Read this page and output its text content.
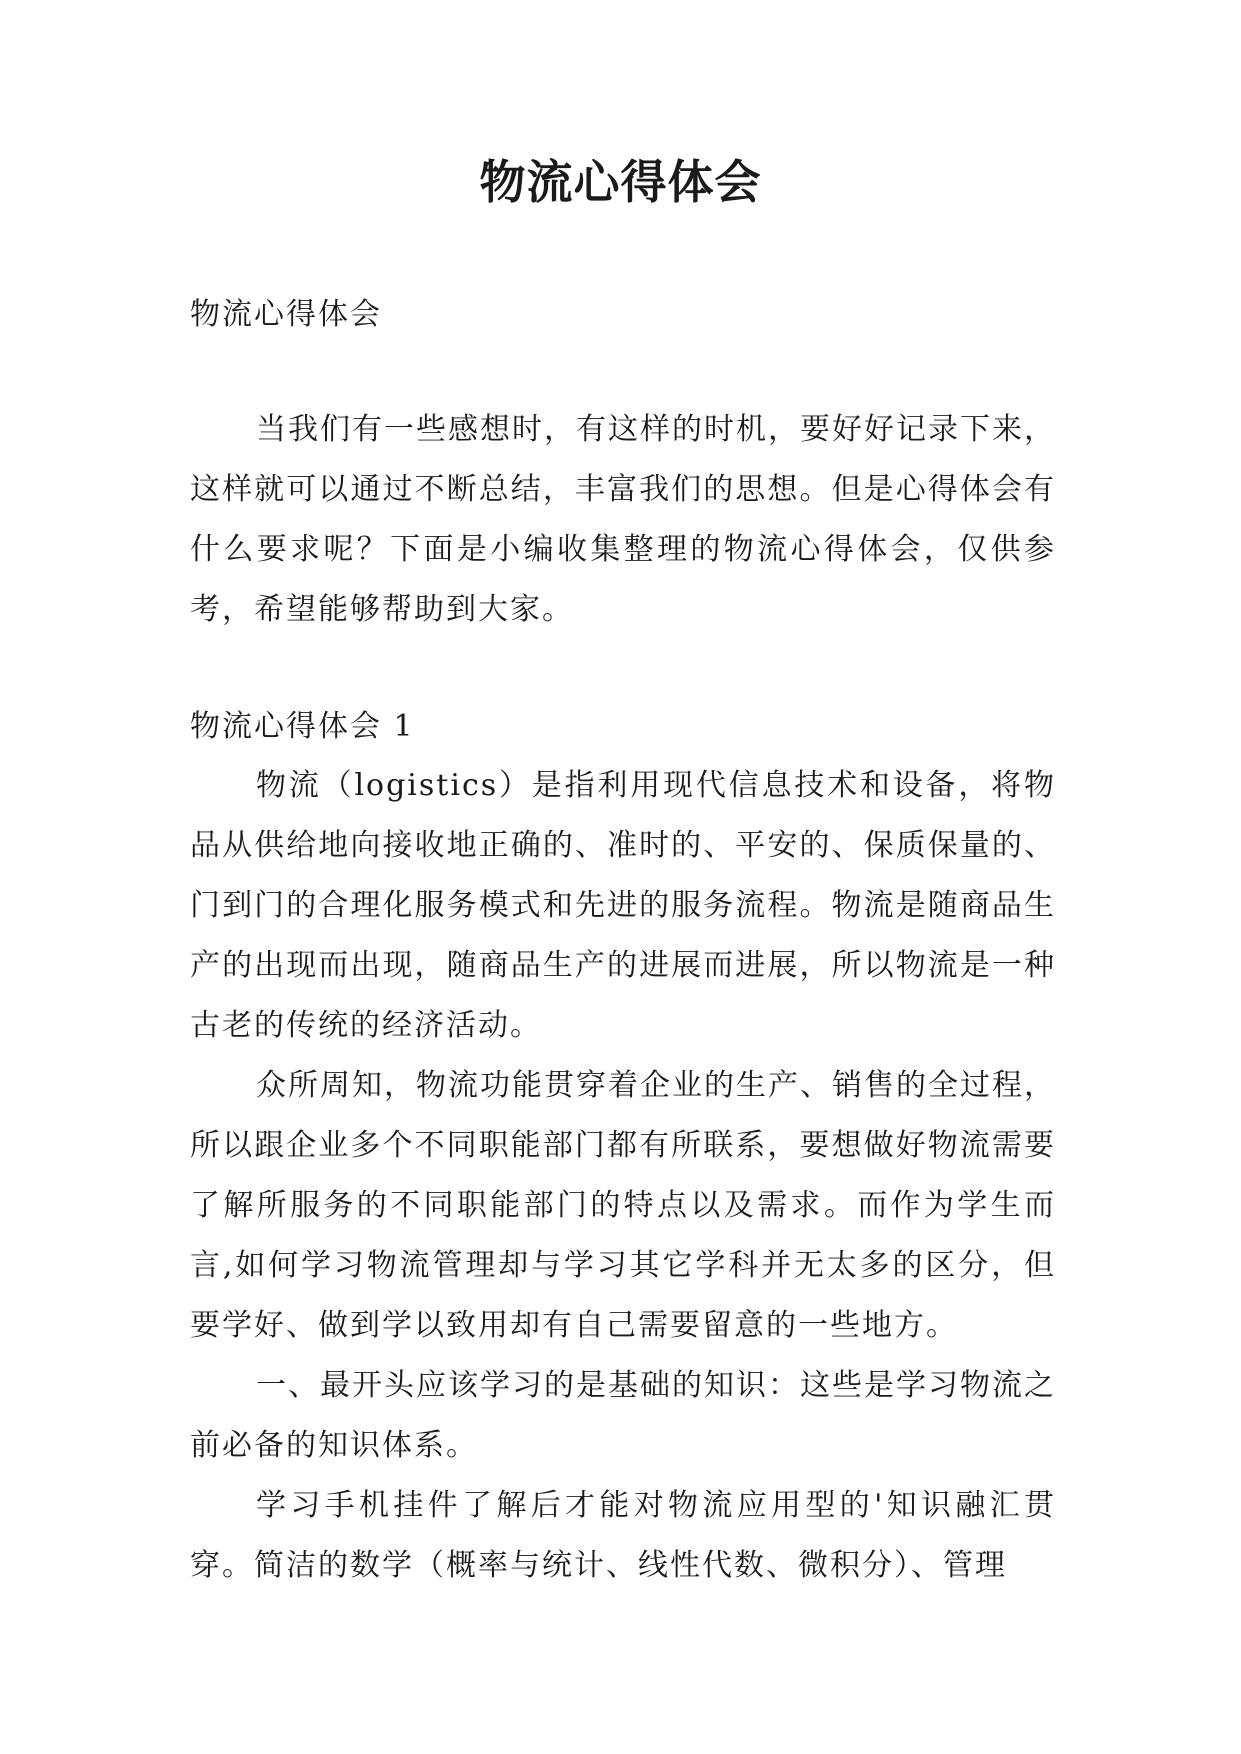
物流心得体会
物流心得体会

当我们有一些感想时，有这样的时机，要好好记录下来，这样就可以通过不断总结，丰富我们的思想。但是心得体会有什么要求呢？下面是小编收集整理的物流心得体会，仅供参考，希望能够帮助到大家。

物流心得体会 1

物流（logistics）是指利用现代信息技术和设备，将物品从供给地向接收地正确的、准时的、平安的、保质保量的、门到门的合理化服务模式和先进的服务流程。物流是随商品生产的出现而出现，随商品生产的进展而进展，所以物流是一种古老的传统的经济活动。

众所周知，物流功能贯穿着企业的生产、销售的全过程，所以跟企业多个不同职能部门都有所联系，要想做好物流需要了解所服务的不同职能部门的特点以及需求。而作为学生而言,如何学习物流管理却与学习其它学科并无太多的区分，但要学好、做到学以致用却有自己需要留意的一些地方。

一、最开头应该学习的是基础的知识：这些是学习物流之前必备的知识体系。

学习手机挂件了解后才能对物流应用型的'知识融汇贯穿。简洁的数学（概率与统计、线性代数、微积分）、管理
